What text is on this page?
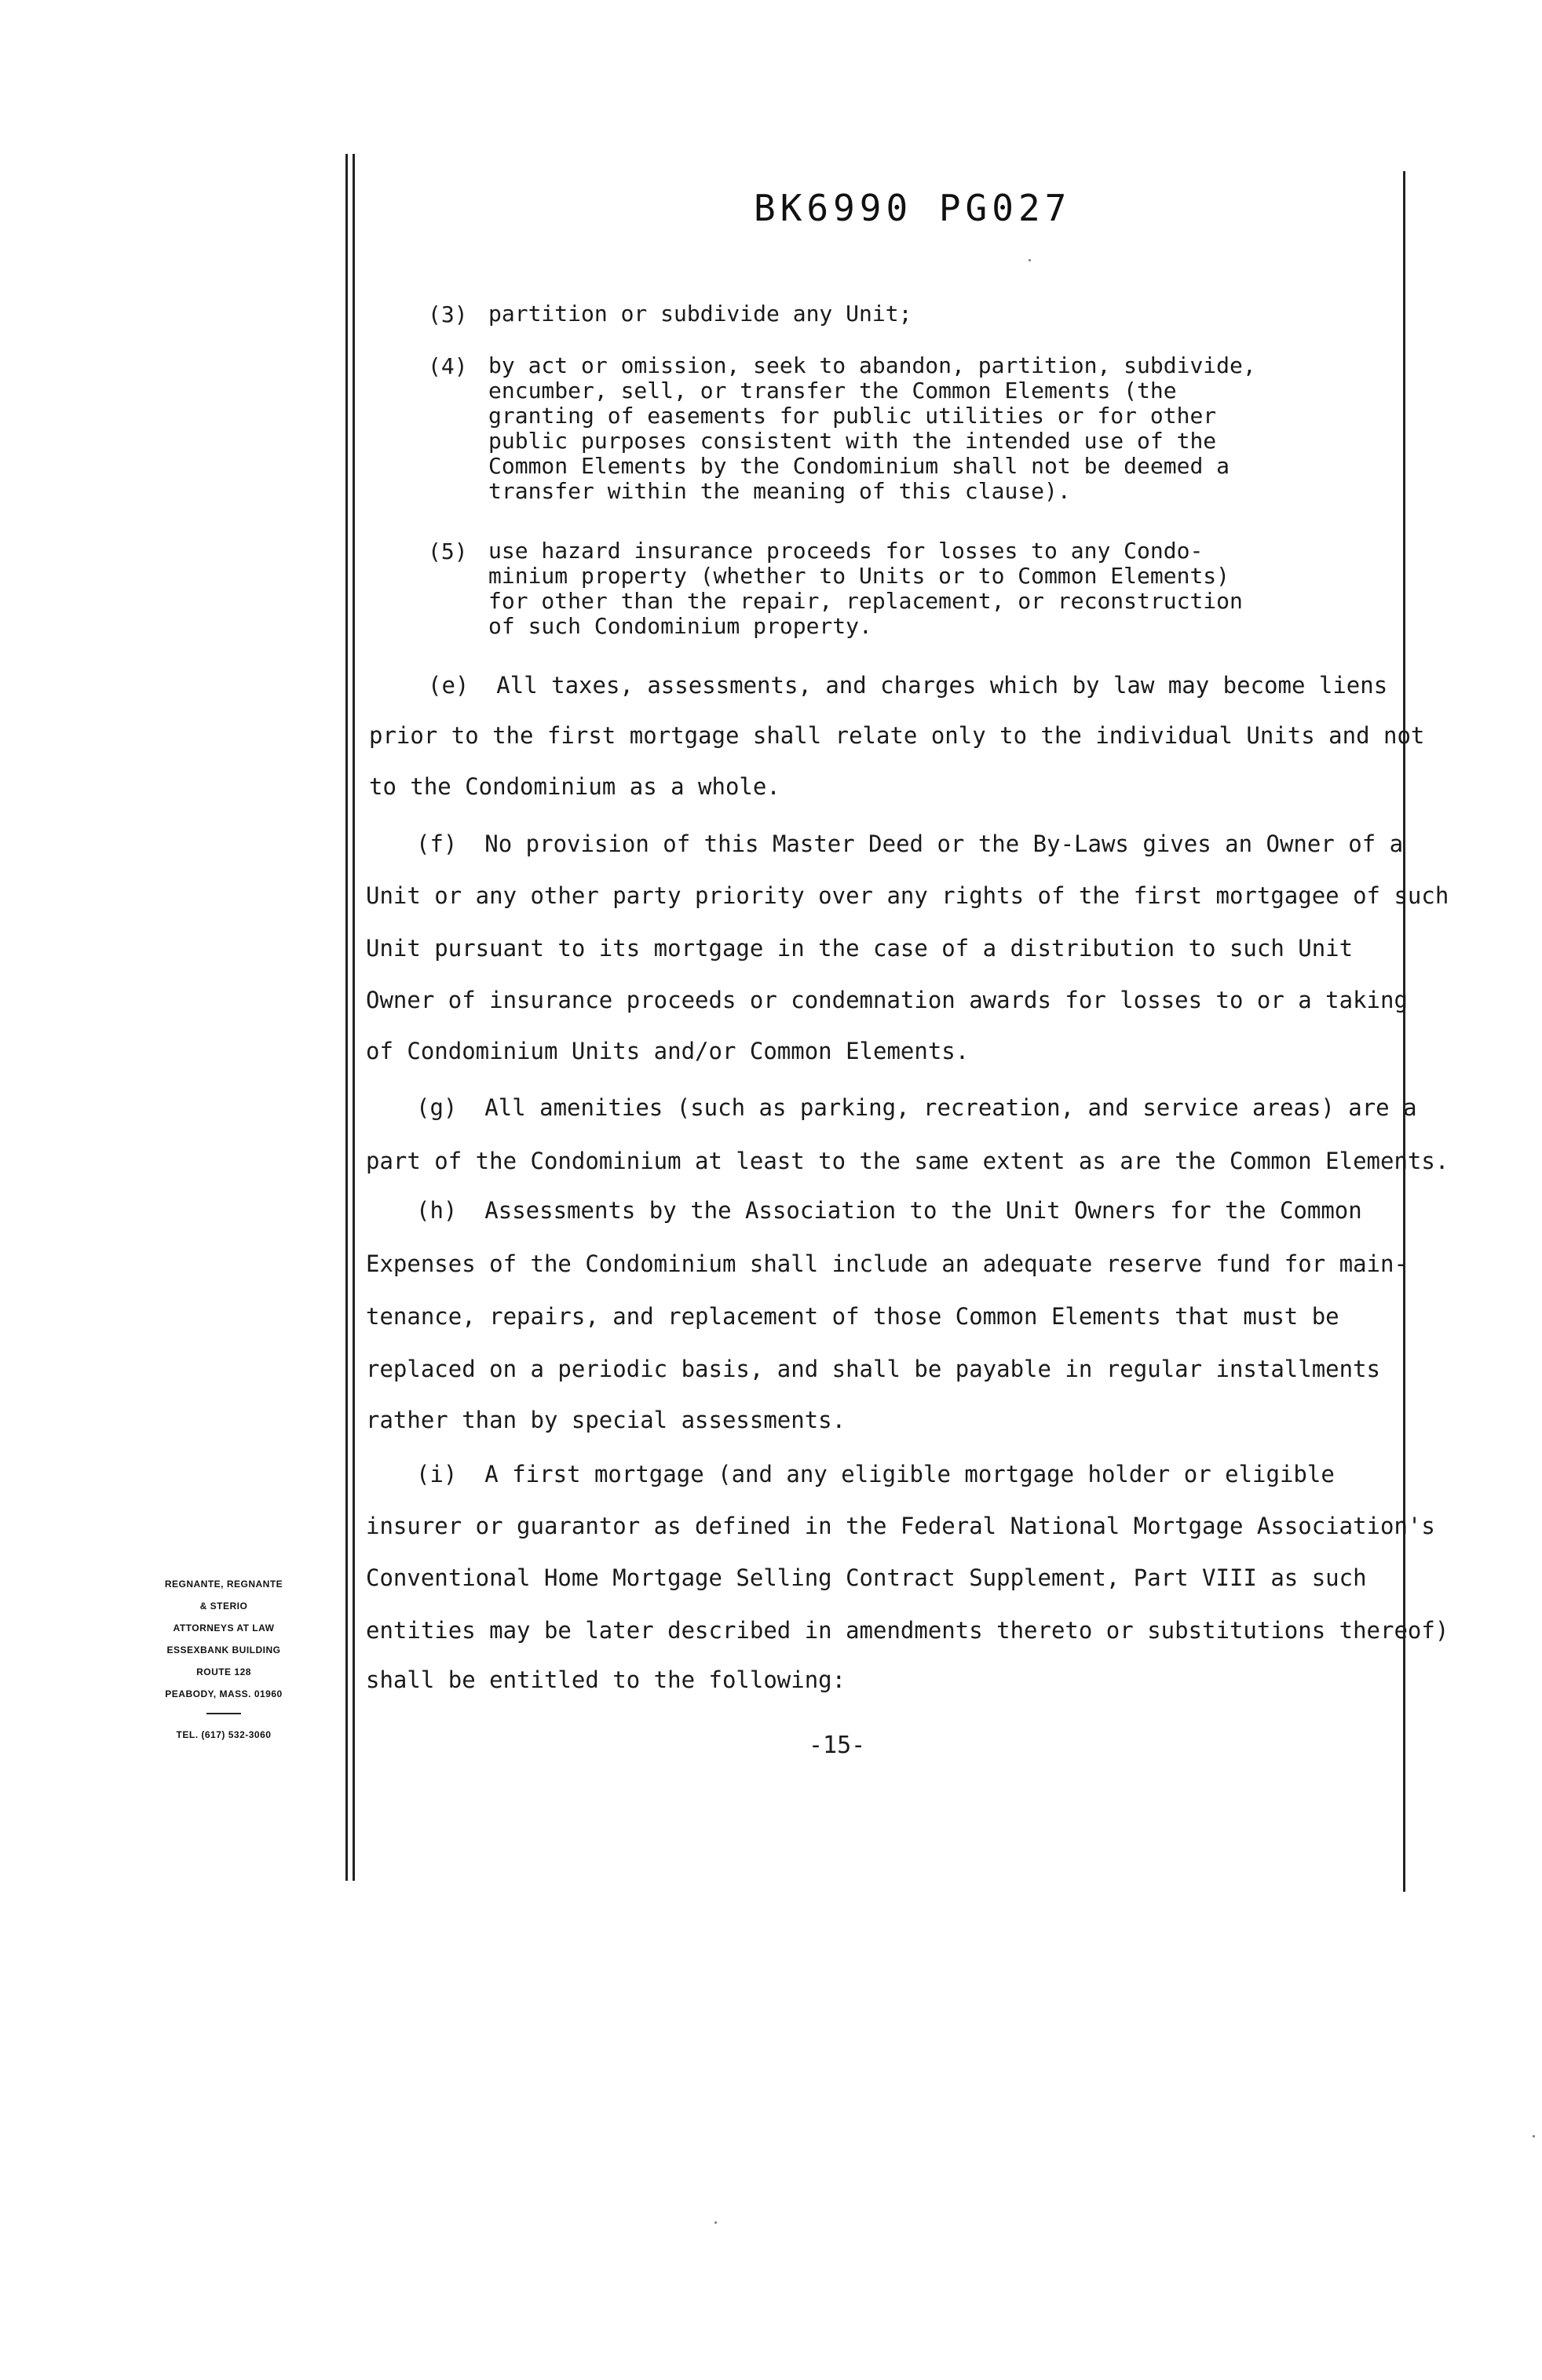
BK6990 PG027
(3) partition or subdivide any Unit;
(4) by act or omission, seek to abandon, partition, subdivide,
encumber, sell, or transfer the Common Elements (the
granting of easements for public utilities or for other
public purposes consistent with the intended use of the
Common Elements by the Condominium shall not be deemed a
transfer within the meaning of this clause).
(5) use hazard insurance proceeds for losses to any Condo-
minium property (whether to Units or to Common Elements)
for other than the repair, replacement, or reconstruction
of such Condominium property.
(e)  All taxes, assessments, and charges which by law may become liens
prior to the first mortgage shall relate only to the individual Units and not
to the Condominium as a whole.
(f)  No provision of this Master Deed or the By-Laws gives an Owner of a
Unit or any other party priority over any rights of the first mortgagee of such
Unit pursuant to its mortgage in the case of a distribution to such Unit
Owner of insurance proceeds or condemnation awards for losses to or a taking
of Condominium Units and/or Common Elements.
(g)  All amenities (such as parking, recreation, and service areas) are a
part of the Condominium at least to the same extent as are the Common Elements.
(h)  Assessments by the Association to the Unit Owners for the Common
Expenses of the Condominium shall include an adequate reserve fund for main-
tenance, repairs, and replacement of those Common Elements that must be
replaced on a periodic basis, and shall be payable in regular installments
rather than by special assessments.
(i)  A first mortgage (and any eligible mortgage holder or eligible
insurer or guarantor as defined in the Federal National Mortgage Association's
Conventional Home Mortgage Selling Contract Supplement, Part VIII as such
entities may be later described in amendments thereto or substitutions thereof)
shall be entitled to the following:
-15-
REGNANTE, REGNANTE
& STERIO
ATTORNEYS AT LAW
ESSEXBANK BUILDING
ROUTE 128
PEABODY, MASS. 01960
TEL. (617) 532-3060
